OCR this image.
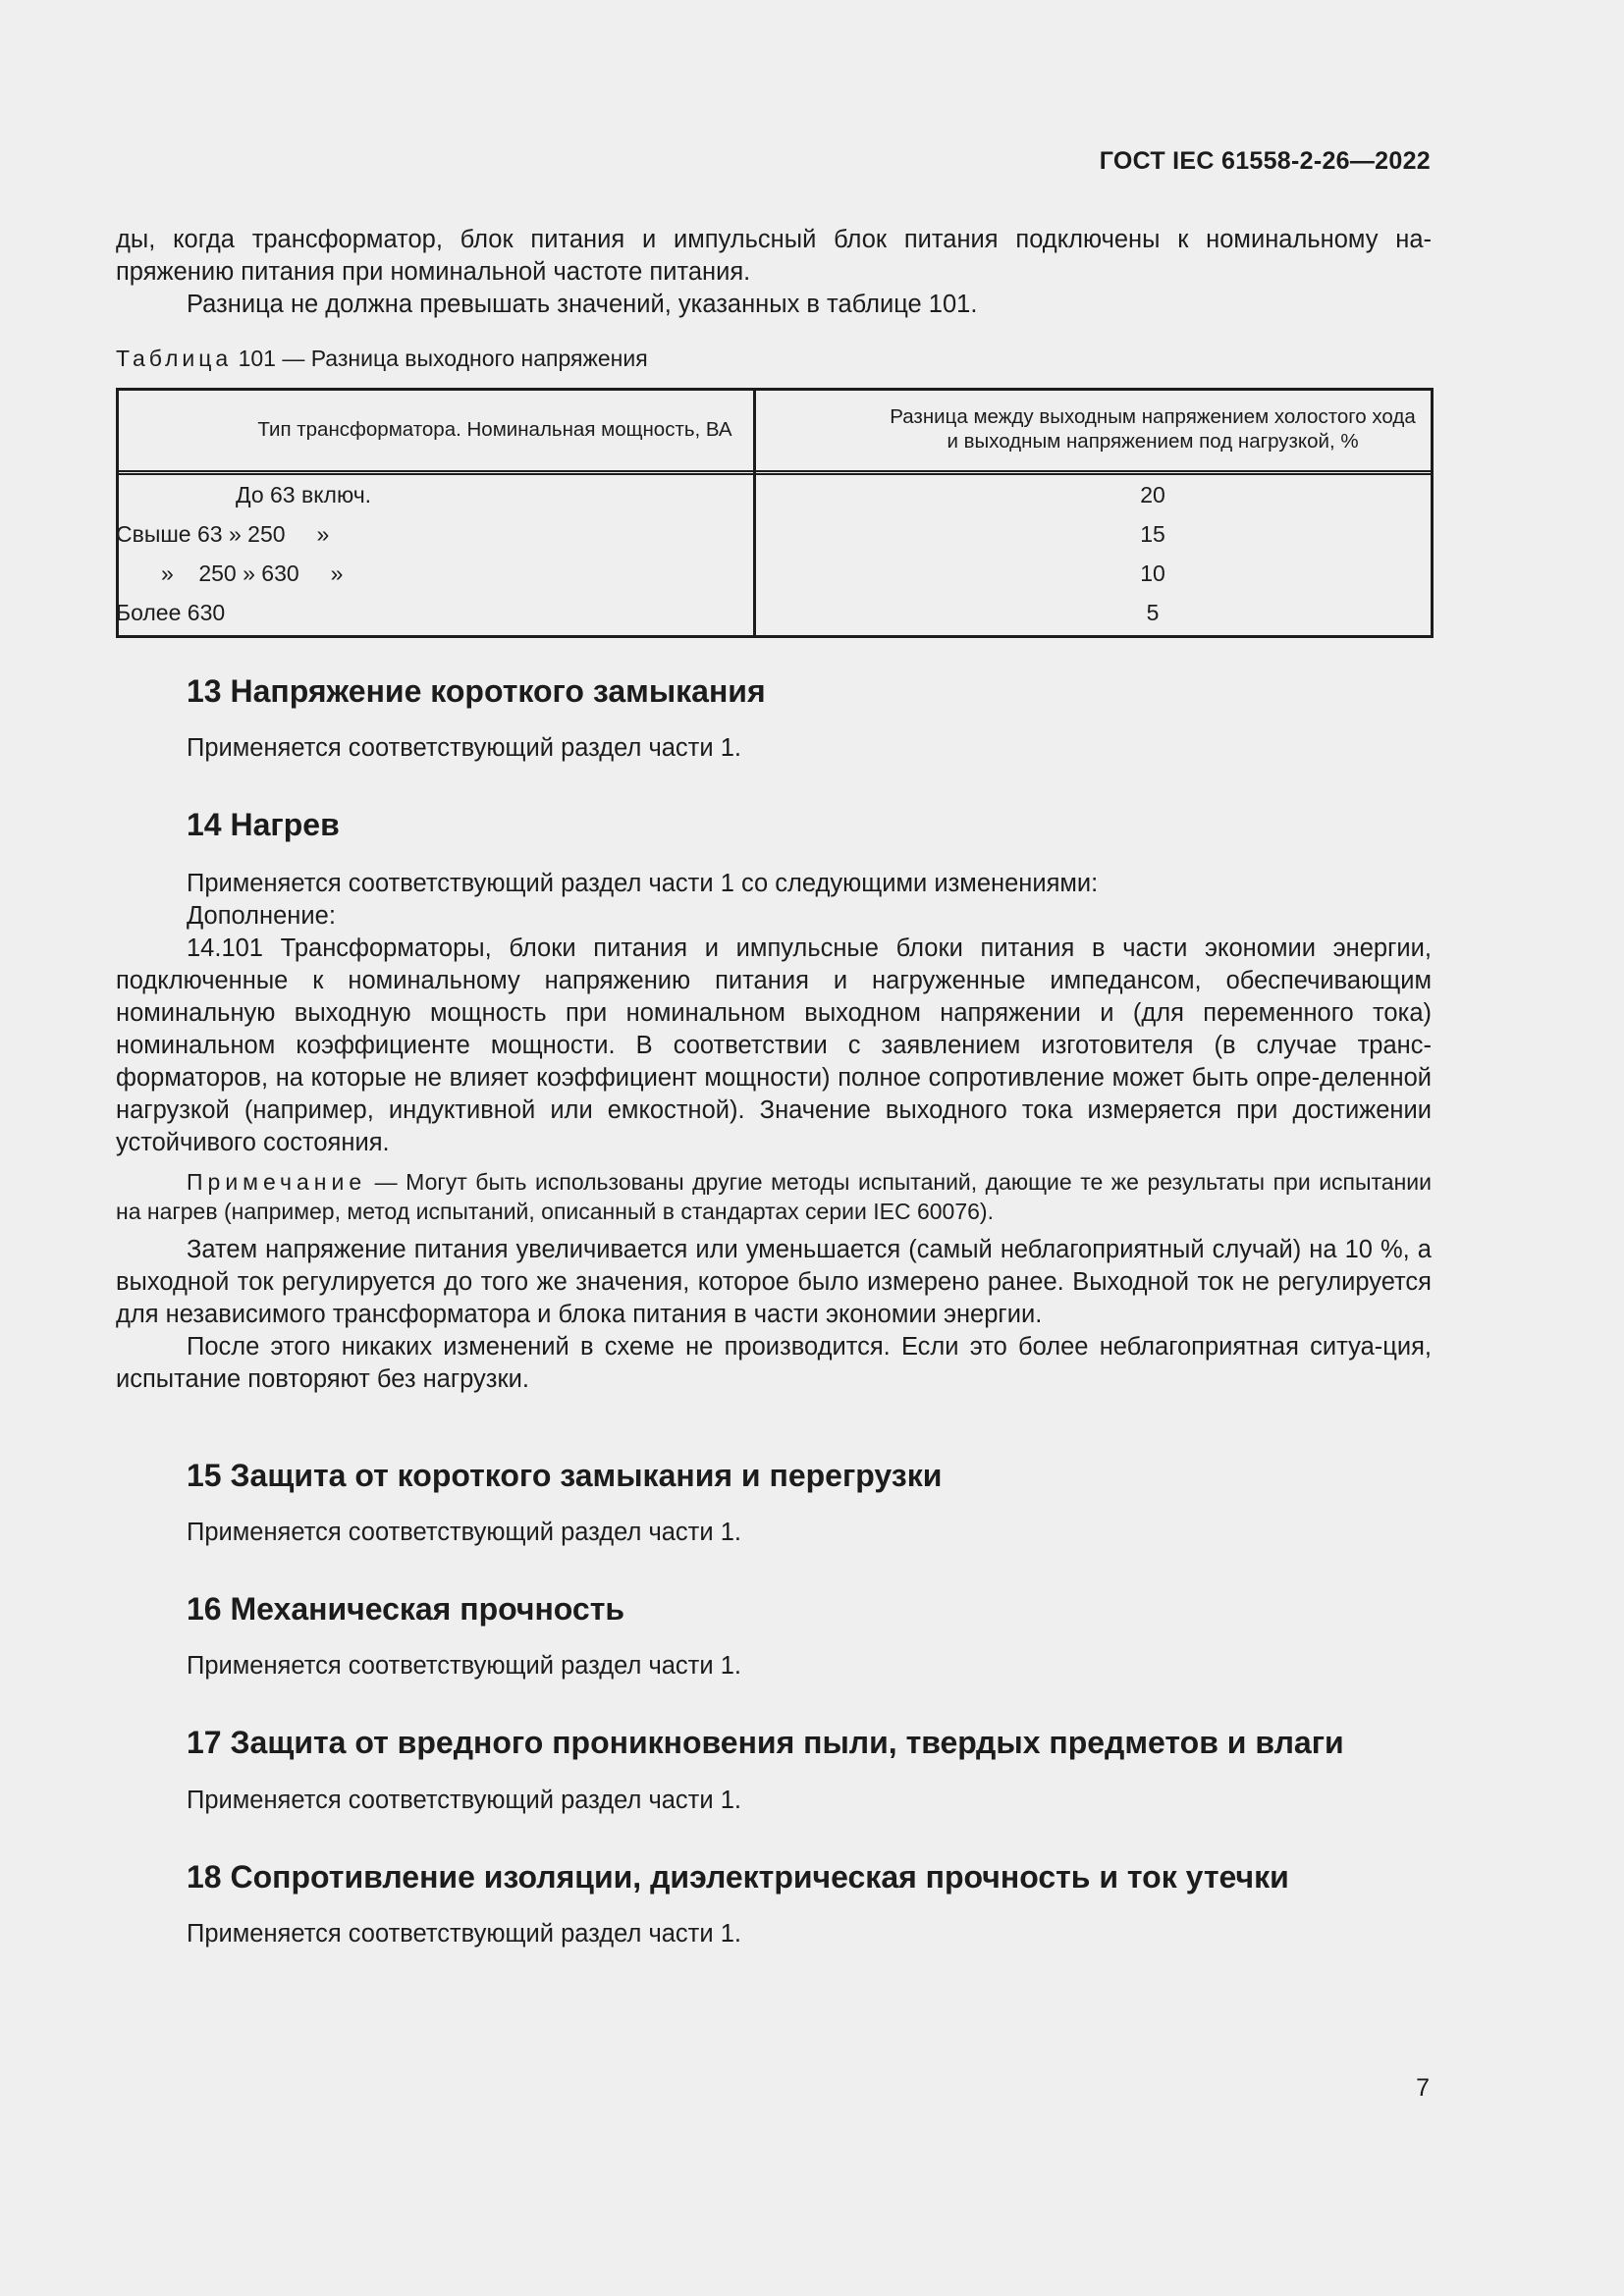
ГОСТ IEC 61558-2-26—2022

ды, когда трансформатор, блок питания и импульсный блок питания подключены к номинальному на-

пряжению питания при номинальной частоте питания.

Разница не должна превышать значений, указанных в таблице 101.

Таблица 101 — Разница выходного напряжения
Тип трансформатора. Номинальная мощность, ВА	Разница между выходным напряжением холостого хода
и выходным напряжением под нагрузкой, %

До 63 включ.	20
Свыше 63 » 250     »	15
»    250 » 630     »	10
Более 630	5
13 Напряжение короткого замыкания
Применяется соответствующий раздел части 1.
14 Нагрев

Применяется соответствующий раздел части 1 со следующими изменениями:

Дополнение:

14.101 Трансформаторы, блоки питания и импульсные блоки питания в части экономии энергии, подключенные к номинальному напряжению питания и нагруженные импедансом, обеспечивающим номинальную выходную мощность при номинальном выходном напряжении и (для переменного тока) номинальном коэффициенте мощности. В соответствии с заявлением изготовителя (в случае транс-форматоров, на которые не влияет коэффициент мощности) полное сопротивление может быть опре-деленной нагрузкой (например, индуктивной или емкостной). Значение выходного тока измеряется при достижении устойчивого состояния.

Примечание — Могут быть использованы другие методы испытаний, дающие те же результаты при испытании на нагрев (например, метод испытаний, описанный в стандартах серии IEC 60076).

Затем напряжение питания увеличивается или уменьшается (самый неблагоприятный случай) на 10 %, а выходной ток регулируется до того же значения, которое было измерено ранее. Выходной ток не регулируется для независимого трансформатора и блока питания в части экономии энергии.

После этого никаких изменений в схеме не производится. Если это более неблагоприятная ситуа-ция, испытание повторяют без нагрузки.

15 Защита от короткого замыкания и перегрузки
Применяется соответствующий раздел части 1.
16 Механическая прочность
Применяется соответствующий раздел части 1.
17 Защита от вредного проникновения пыли, твердых предметов и влаги
Применяется соответствующий раздел части 1.
18 Сопротивление изоляции, диэлектрическая прочность и ток утечки
Применяется соответствующий раздел части 1.
7
